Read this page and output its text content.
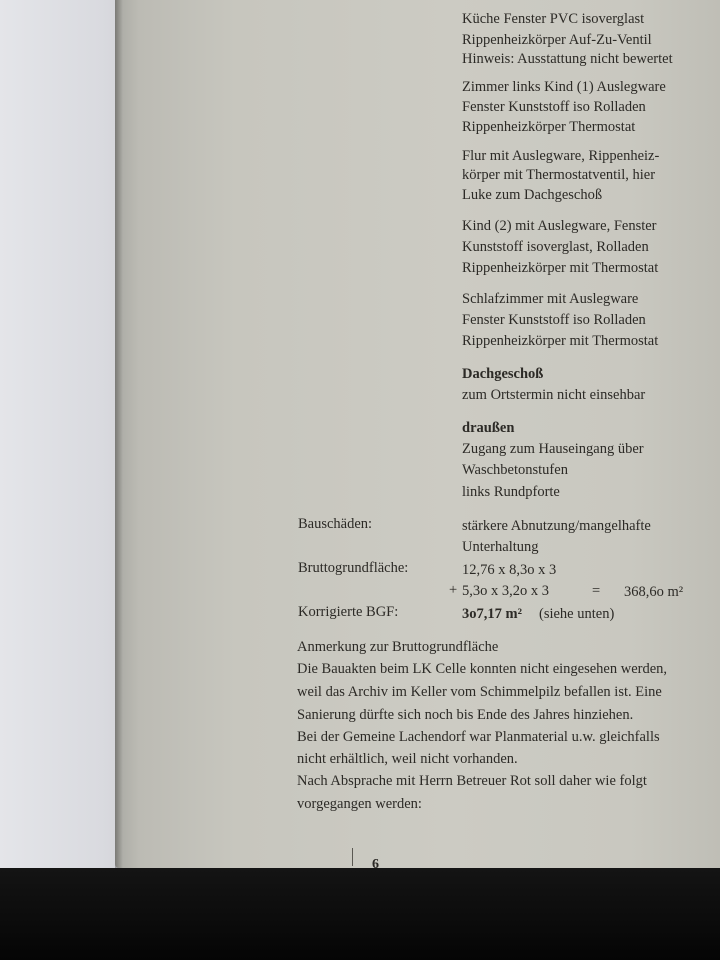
Küche Fenster PVC isoverglast
Rippenheizkörper Auf-Zu-Ventil
Hinweis: Ausstattung nicht bewertet
Zimmer links Kind (1) Auslegware
Fenster Kunststoff iso Rolladen
Rippenheizkörper Thermostat
Flur mit Auslegware, Rippenheiz-
körper mit Thermostatventil, hier
Luke zum Dachgeschoß
Kind (2) mit Auslegware, Fenster
Kunststoff isoverglast, Rolladen
Rippenheizkörper mit Thermostat
Schlafzimmer mit Auslegware
Fenster Kunststoff iso Rolladen
Rippenheizkörper mit Thermostat
Dachgeschoß
zum Ortstermin nicht einsehbar
draußen
Zugang zum Hauseingang über
Waschbetonstufen
links Rundpforte
Bauschäden:	stärkere Abnutzung/mangelhafte
Unterhaltung
Bruttogrundfläche:	12,76 x 8,3o x 3
+ 5,3o x 3,2o x 3	= 368,6o m²
Korrigierte BGF:	3o7,17 m² (siehe unten)
Anmerkung zur Bruttogrundfläche
Die Bauakten beim LK Celle konnten nicht eingesehen werden,
weil das Archiv im Keller vom Schimmelpilz befallen ist. Eine
Sanierung dürfte sich noch bis Ende des Jahres hinziehen.
Bei der Gemeine Lachendorf war Planmaterial u.w. gleichfalls
nicht erhältlich, weil nicht vorhanden.
Nach Absprache mit Herrn Betreuer Rot soll daher wie folgt
vorgegangen werden:
6
